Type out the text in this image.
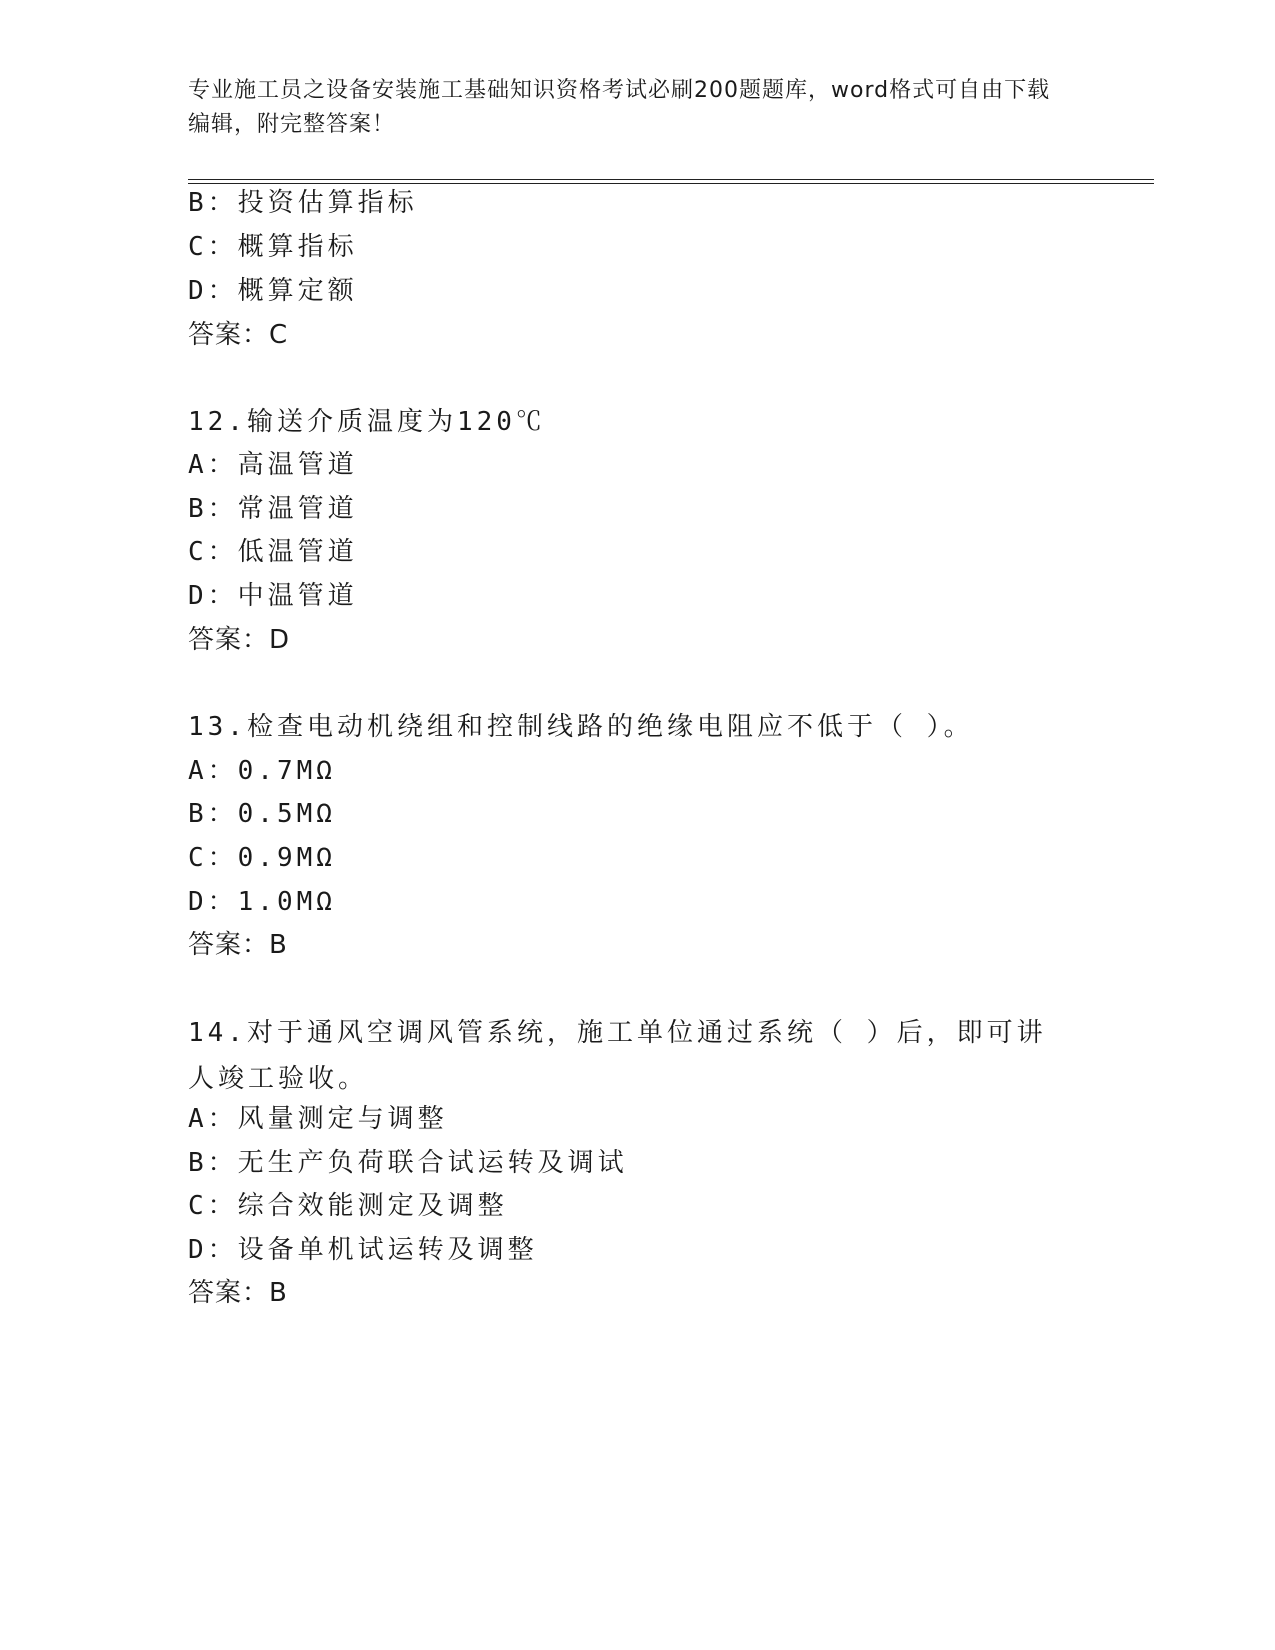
专业施工员之设备安装施工基础知识资格考试必刷200题题库，word格式可自由下载编辑，附完整答案！
B：投资估算指标
C：概算指标
D：概算定额
答案：C
12.输送介质温度为120℃
A：高温管道
B：常温管道
C：低温管道
D：中温管道
答案：D
13.检查电动机绕组和控制线路的绝缘电阻应不低于（ ）。
A：0.7MΩ
B：0.5MΩ
C：0.9MΩ
D：1.0MΩ
答案：B
14.对于通风空调风管系统，施工单位通过系统（ ）后，即可讲人竣工验收。
A：风量测定与调整
B：无生产负荷联合试运转及调试
C：综合效能测定及调整
D：设备单机试运转及调整
答案：B
